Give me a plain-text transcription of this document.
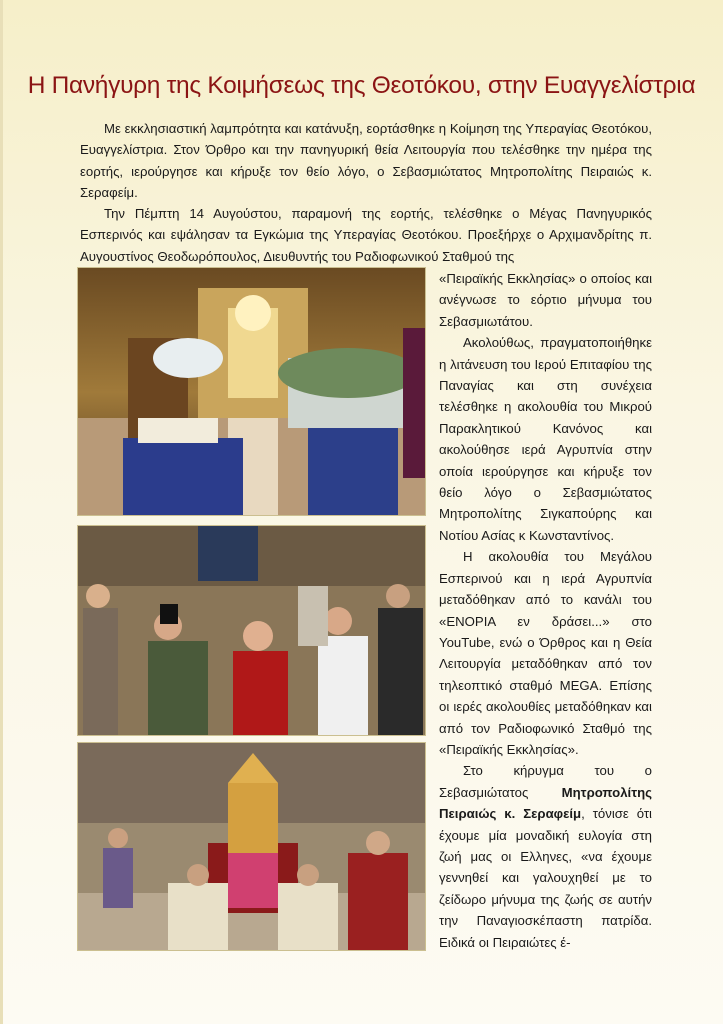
Η Πανήγυρη της Κοιμήσεως της Θεοτόκου, στην Ευαγγελίστρια

Με εκκλησιαστική λαμπρότητα και κατάνυξη, εορτάσθηκε η Κοίμηση της Υπεραγίας Θεοτόκου, Ευαγγελίστρια. Στον Όρθρο και την πανηγυρική θεία Λειτουργία που τελέσθηκε την ημέρα της εορτής, ιερούργησε και κήρυξε τον θείο λόγο, ο Σεβασμιώτατος Μητροπολίτης Πειραιώς κ. Σεραφείμ.

Την Πέμπτη 14 Αυγούστου, παραμονή της εορτής, τελέσθηκε ο Μέγας Πανηγυρικός Εσπερινός και εψάλησαν τα Εγκώμια της Υπεραγίας Θεοτόκου. Προεξήρχε ο Αρχιμανδρίτης π. Αυγουστίνος Θεοδωρόπουλος, Διευθυντής του Ραδιοφωνικού Σταθμού της

«Πειραϊκής Εκκλησίας» ο οποίος και ανέγνωσε το εόρτιο μήνυμα του Σεβασμιωτάτου.

Ακολούθως, πραγματοποιήθηκε η λιτάνευση του Ιερού Επιταφίου της Παναγίας και στη συνέχεια τελέσθηκε η ακολουθία του Μικρού Παρακλητικού Κανόνος και ακολούθησε ιερά Αγρυπνία στην οποία ιερούργησε και κήρυξε τον θείο λόγο ο Σεβασμιώτατος Μητροπολίτης Σιγκαπούρης και Νοτίου Ασίας κ Κωνσταντίνος.

Η ακολουθία του Μεγάλου Εσπερινού και η ιερά Αγρυπνία μεταδόθηκαν από το κανάλι του «ΕΝΟΡΙΑ εν δράσει...» στο YouTube, ενώ ο Όρθρος και η Θεία Λειτουργία μεταδόθηκαν από τον τηλεοπτικό σταθμό MEGA. Επίσης οι ιερές ακολουθίες μεταδόθηκαν και από τον Ραδιοφωνικό Σταθμό της «Πειραϊκής Εκκλησίας».

Στο κήρυγμα του ο Σεβασμιώτατος Μητροπολίτης Πειραιώς κ. Σεραφείμ, τόνισε ότι έχουμε μία μοναδική ευλογία στη ζωή μας οι Ελληνες, «να έχουμε γεννηθεί και γαλουχηθεί με το ζείδωρο μήνυμα της ζωής σε αυτήν την Παναγιοσκέπαστη πατρίδα. Ειδικά οι Πειραιώτες έ-
